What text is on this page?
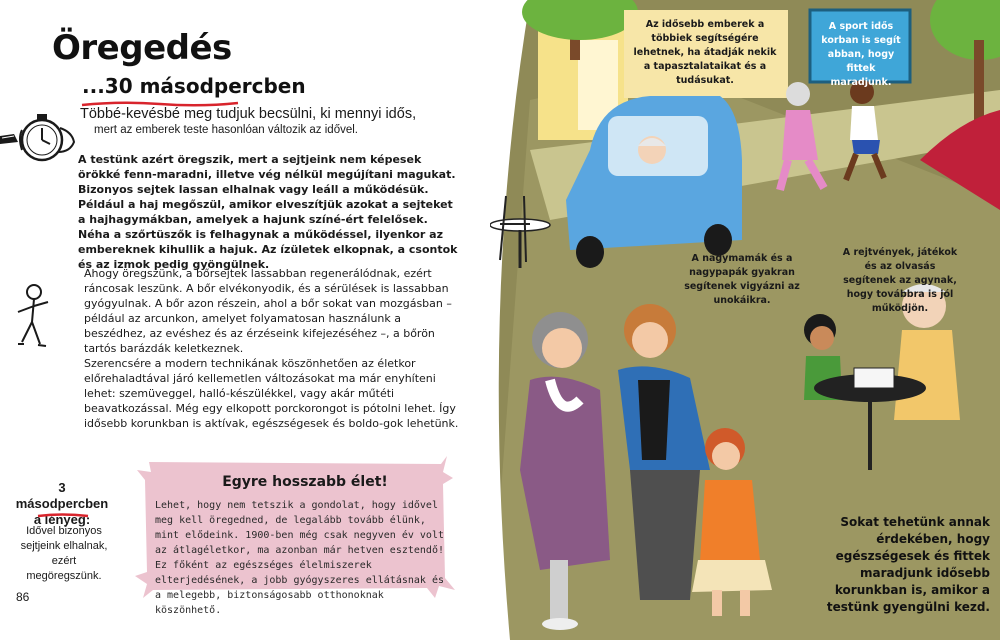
Öregedés
...30 másodpercben
Többé-kevésbé meg tudjuk becsülni, ki mennyi idős,
mert az emberek teste hasonlóan változik az idővel.
A testünk azért öregszik, mert a sejtjeink nem képesek örökké fenn-maradni, illetve vég nélkül megújítani magukat. Bizonyos sejtek lassan elhalnak vagy leáll a működésük. Például a haj megőszül, amikor elveszítjük azokat a sejteket a hajhagymákban, amelyek a hajunk színé-ért felelősek. Néha a szőrtüszők is felhagynak a működéssel, ilyenkor az embereknek kihullik a hajuk. Az ízületek elkopnak, a csontok és az izmok pedig gyöngülnek.
Ahogy öregszünk, a bőrsejtek lassabban regenerálódnak, ezért ráncosak leszünk. A bőr elvékonyodik, és a sérülések is lassabban gyógyulnak. A bőr azon részein, ahol a bőr sokat van mozgásban – például az arcunkon, amelyet folyamatosan használunk a beszédhez, az evéshez és az érzéseink kifejezéséhez –, a bőrön tartós barázdák keletkeznek.
Szerencsére a modern technikának köszönhetően az életkor előrehaladtával járó kellemetlen változásokat ma már enyhíteni lehet: szemüveggel, halló-készülékkel, vagy akár műtéti beavatkozással. Még egy elkopott porckorongot is pótolni lehet. Így idősebb korunkban is aktívak, egészségesek és boldo-gok lehetünk.
3 másodpercben a lényeg:
Idővel bizonyos sejtjeink elhalnak, ezért megöregszünk.
86
Egyre hosszabb élet!
Lehet, hogy nem tetszik a gondolat, hogy idővel meg kell öregedned, de legalább tovább élünk, mint elődeink. 1900-ben még csak negyven év volt az átlagéletkor, ma azonban már hetven esztendő! Ez főként az egészséges élelmiszerek elterjedésének, a jobb gyógyszeres ellátásnak és a melegebb, biztonságosabb otthonoknak köszönhető.
Az idősebb emberek a többiek segítségére lehetnek, ha átadják nekik a tapasztalataikat és a tudásukat.
A sport idős korban is segít abban, hogy fittek maradjunk.
A nagymamák és a nagypapák gyakran segítenek vigyázni az unokáikra.
A rejtvények, játékok és az olvasás segítenek az agynak, hogy továbbra is jól működjön.
Sokat tehetünk annak érdekében, hogy egészségesek és fittek maradjunk idősebb korunkban is, amikor a testünk gyengülni kezd.
